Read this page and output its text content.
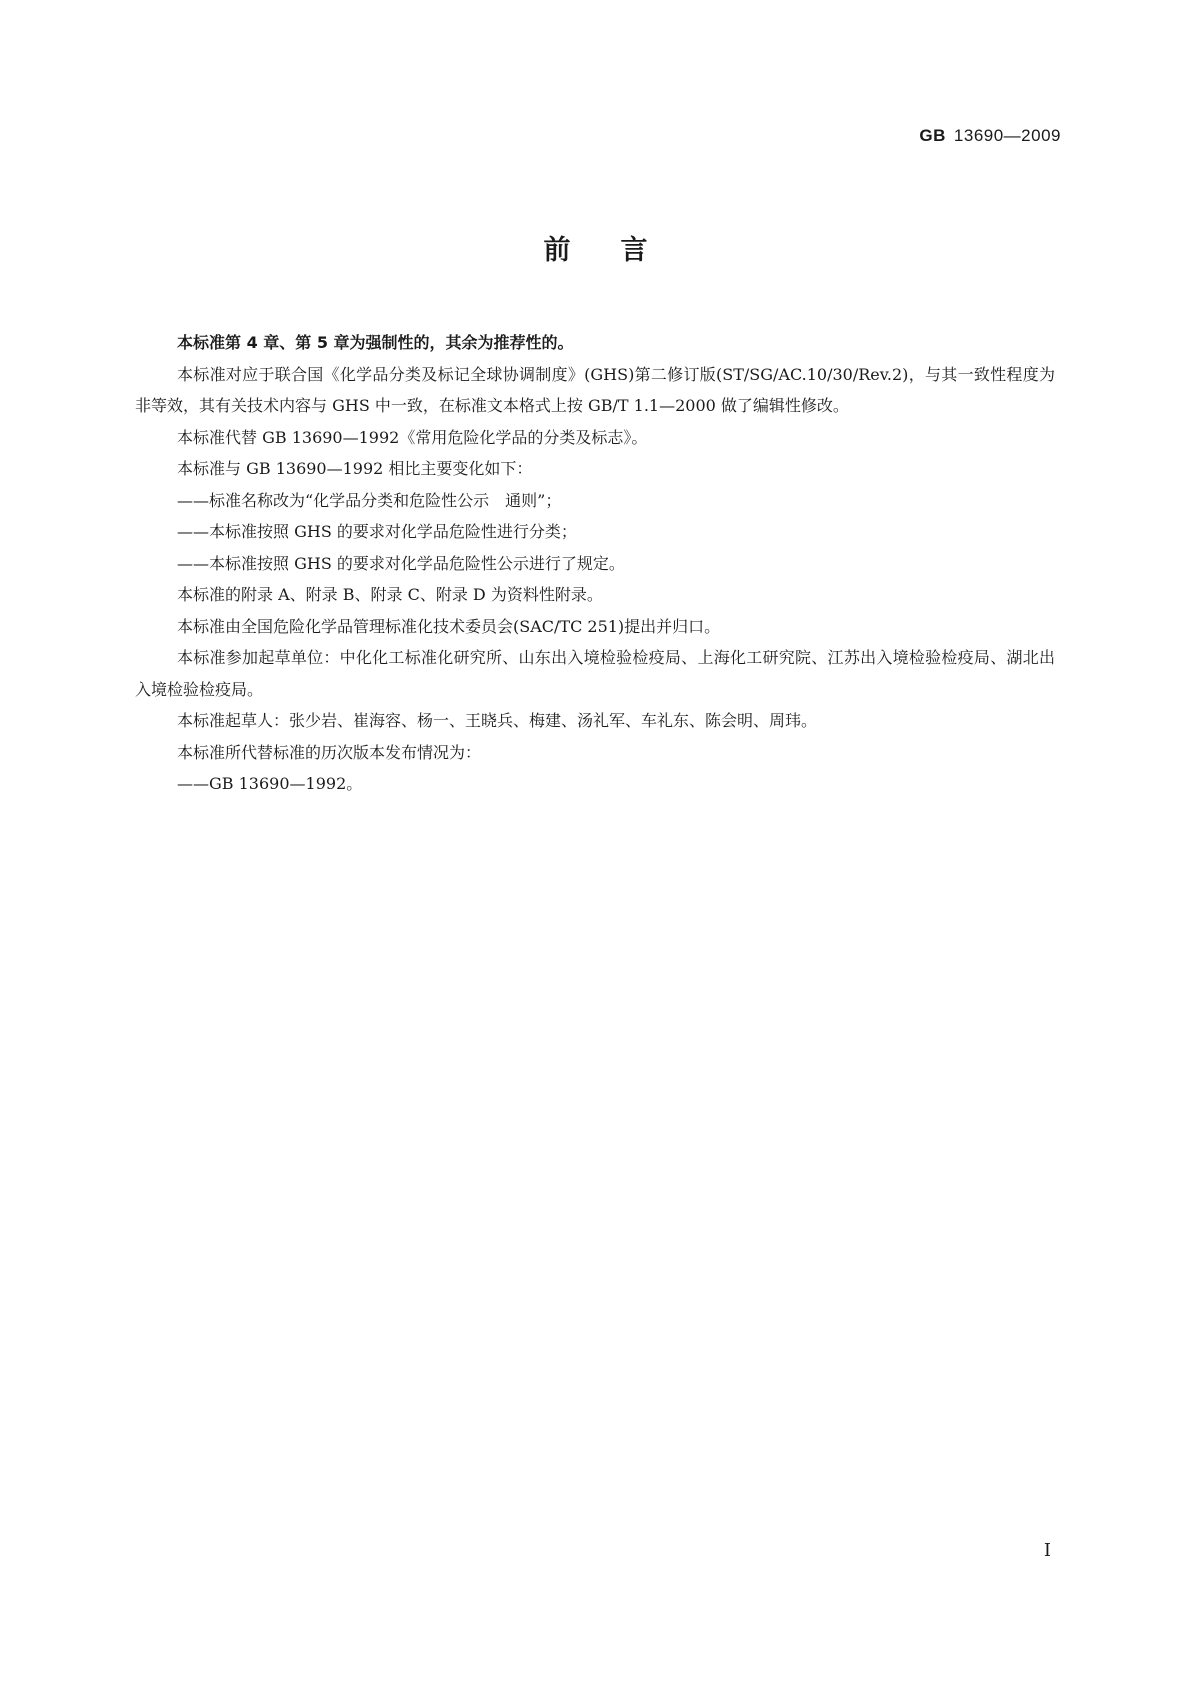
GB 13690—2009
前言

本标准第 4 章、第 5 章为强制性的，其余为推荐性的。

本标准对应于联合国《化学品分类及标记全球协调制度》(GHS)第二修订版(ST/SG/AC.10/30/Rev.2)，与其一致性程度为非等效，其有关技术内容与 GHS 中一致，在标准文本格式上按 GB/T 1.1—2000 做了编辑性修改。

本标准代替 GB 13690—1992《常用危险化学品的分类及标志》。

本标准与 GB 13690—1992 相比主要变化如下：

——标准名称改为“化学品分类和危险性公示　通则”；

——本标准按照 GHS 的要求对化学品危险性进行分类；

——本标准按照 GHS 的要求对化学品危险性公示进行了规定。

本标准的附录 A、附录 B、附录 C、附录 D 为资料性附录。

本标准由全国危险化学品管理标准化技术委员会(SAC/TC 251)提出并归口。

本标准参加起草单位：中化化工标准化研究所、山东出入境检验检疫局、上海化工研究院、江苏出入境检验检疫局、湖北出入境检验检疫局。

本标准起草人：张少岩、崔海容、杨一、王晓兵、梅建、汤礼军、车礼东、陈会明、周玮。

本标准所代替标准的历次版本发布情况为：

——GB 13690—1992。

I
